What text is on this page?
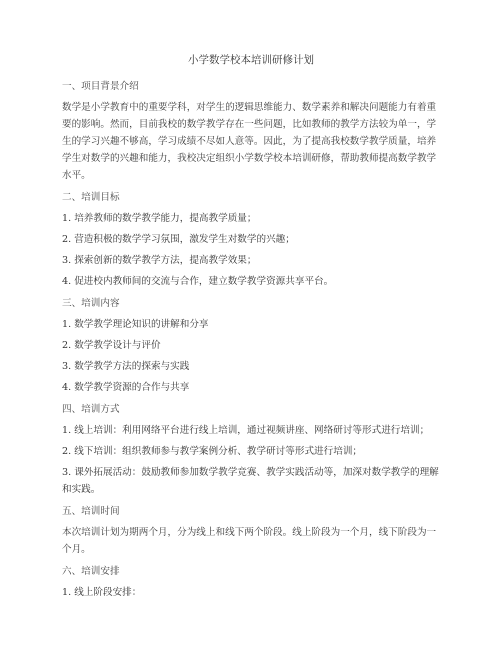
小学数学校本培训研修计划
一、项目背景介绍
数学是小学教育中的重要学科，对学生的逻辑思维能力、数学素养和解决问题能力有着重
要的影响。然而，目前我校的数学教学存在一些问题，比如教师的教学方法较为单一，学
生的学习兴趣不够高，学习成绩不尽如人意等。因此，为了提高我校数学教学质量，培养
学生对数学的兴趣和能力，我校决定组织小学数学校本培训研修，帮助教师提高数学教学
水平。
二、培训目标
1. 培养教师的数学教学能力，提高教学质量；
2. 营造积极的数学学习氛围，激发学生对数学的兴趣；
3. 探索创新的数学教学方法，提高教学效果；
4. 促进校内教师间的交流与合作，建立数学教学资源共享平台。
三、培训内容
1. 数学教学理论知识的讲解和分享
2. 数学教学设计与评价
3. 数学教学方法的探索与实践
4. 数学教学资源的合作与共享
四、培训方式
1. 线上培训：利用网络平台进行线上培训，通过视频讲座、网络研讨等形式进行培训；
2. 线下培训：组织教师参与教学案例分析、教学研讨等形式进行培训；
3. 课外拓展活动：鼓励教师参加数学教学竞赛、教学实践活动等，加深对数学教学的理解
和实践。
五、培训时间
本次培训计划为期两个月，分为线上和线下两个阶段。线上阶段为一个月，线下阶段为一
个月。
六、培训安排
1. 线上阶段安排：
